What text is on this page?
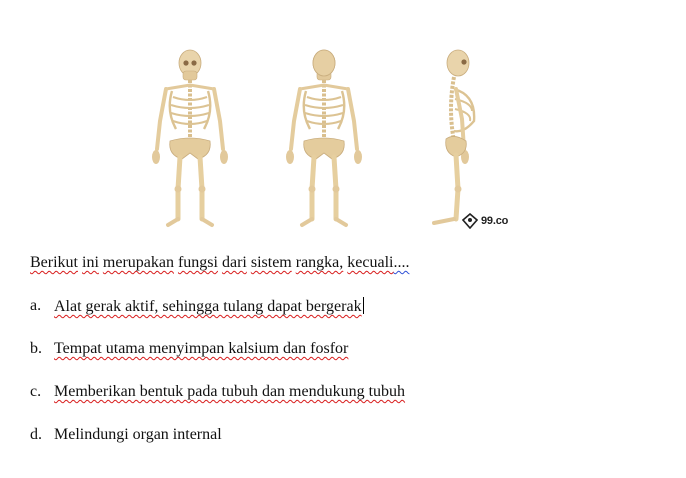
99.co
Berikut ini merupakan fungsi dari sistem rangka, kecuali....
a. Alat gerak aktif, sehingga tulang dapat bergerak
b. Tempat utama menyimpan kalsium dan fosfor
c. Memberikan bentuk pada tubuh dan mendukung tubuh
d. Melindungi organ internal
